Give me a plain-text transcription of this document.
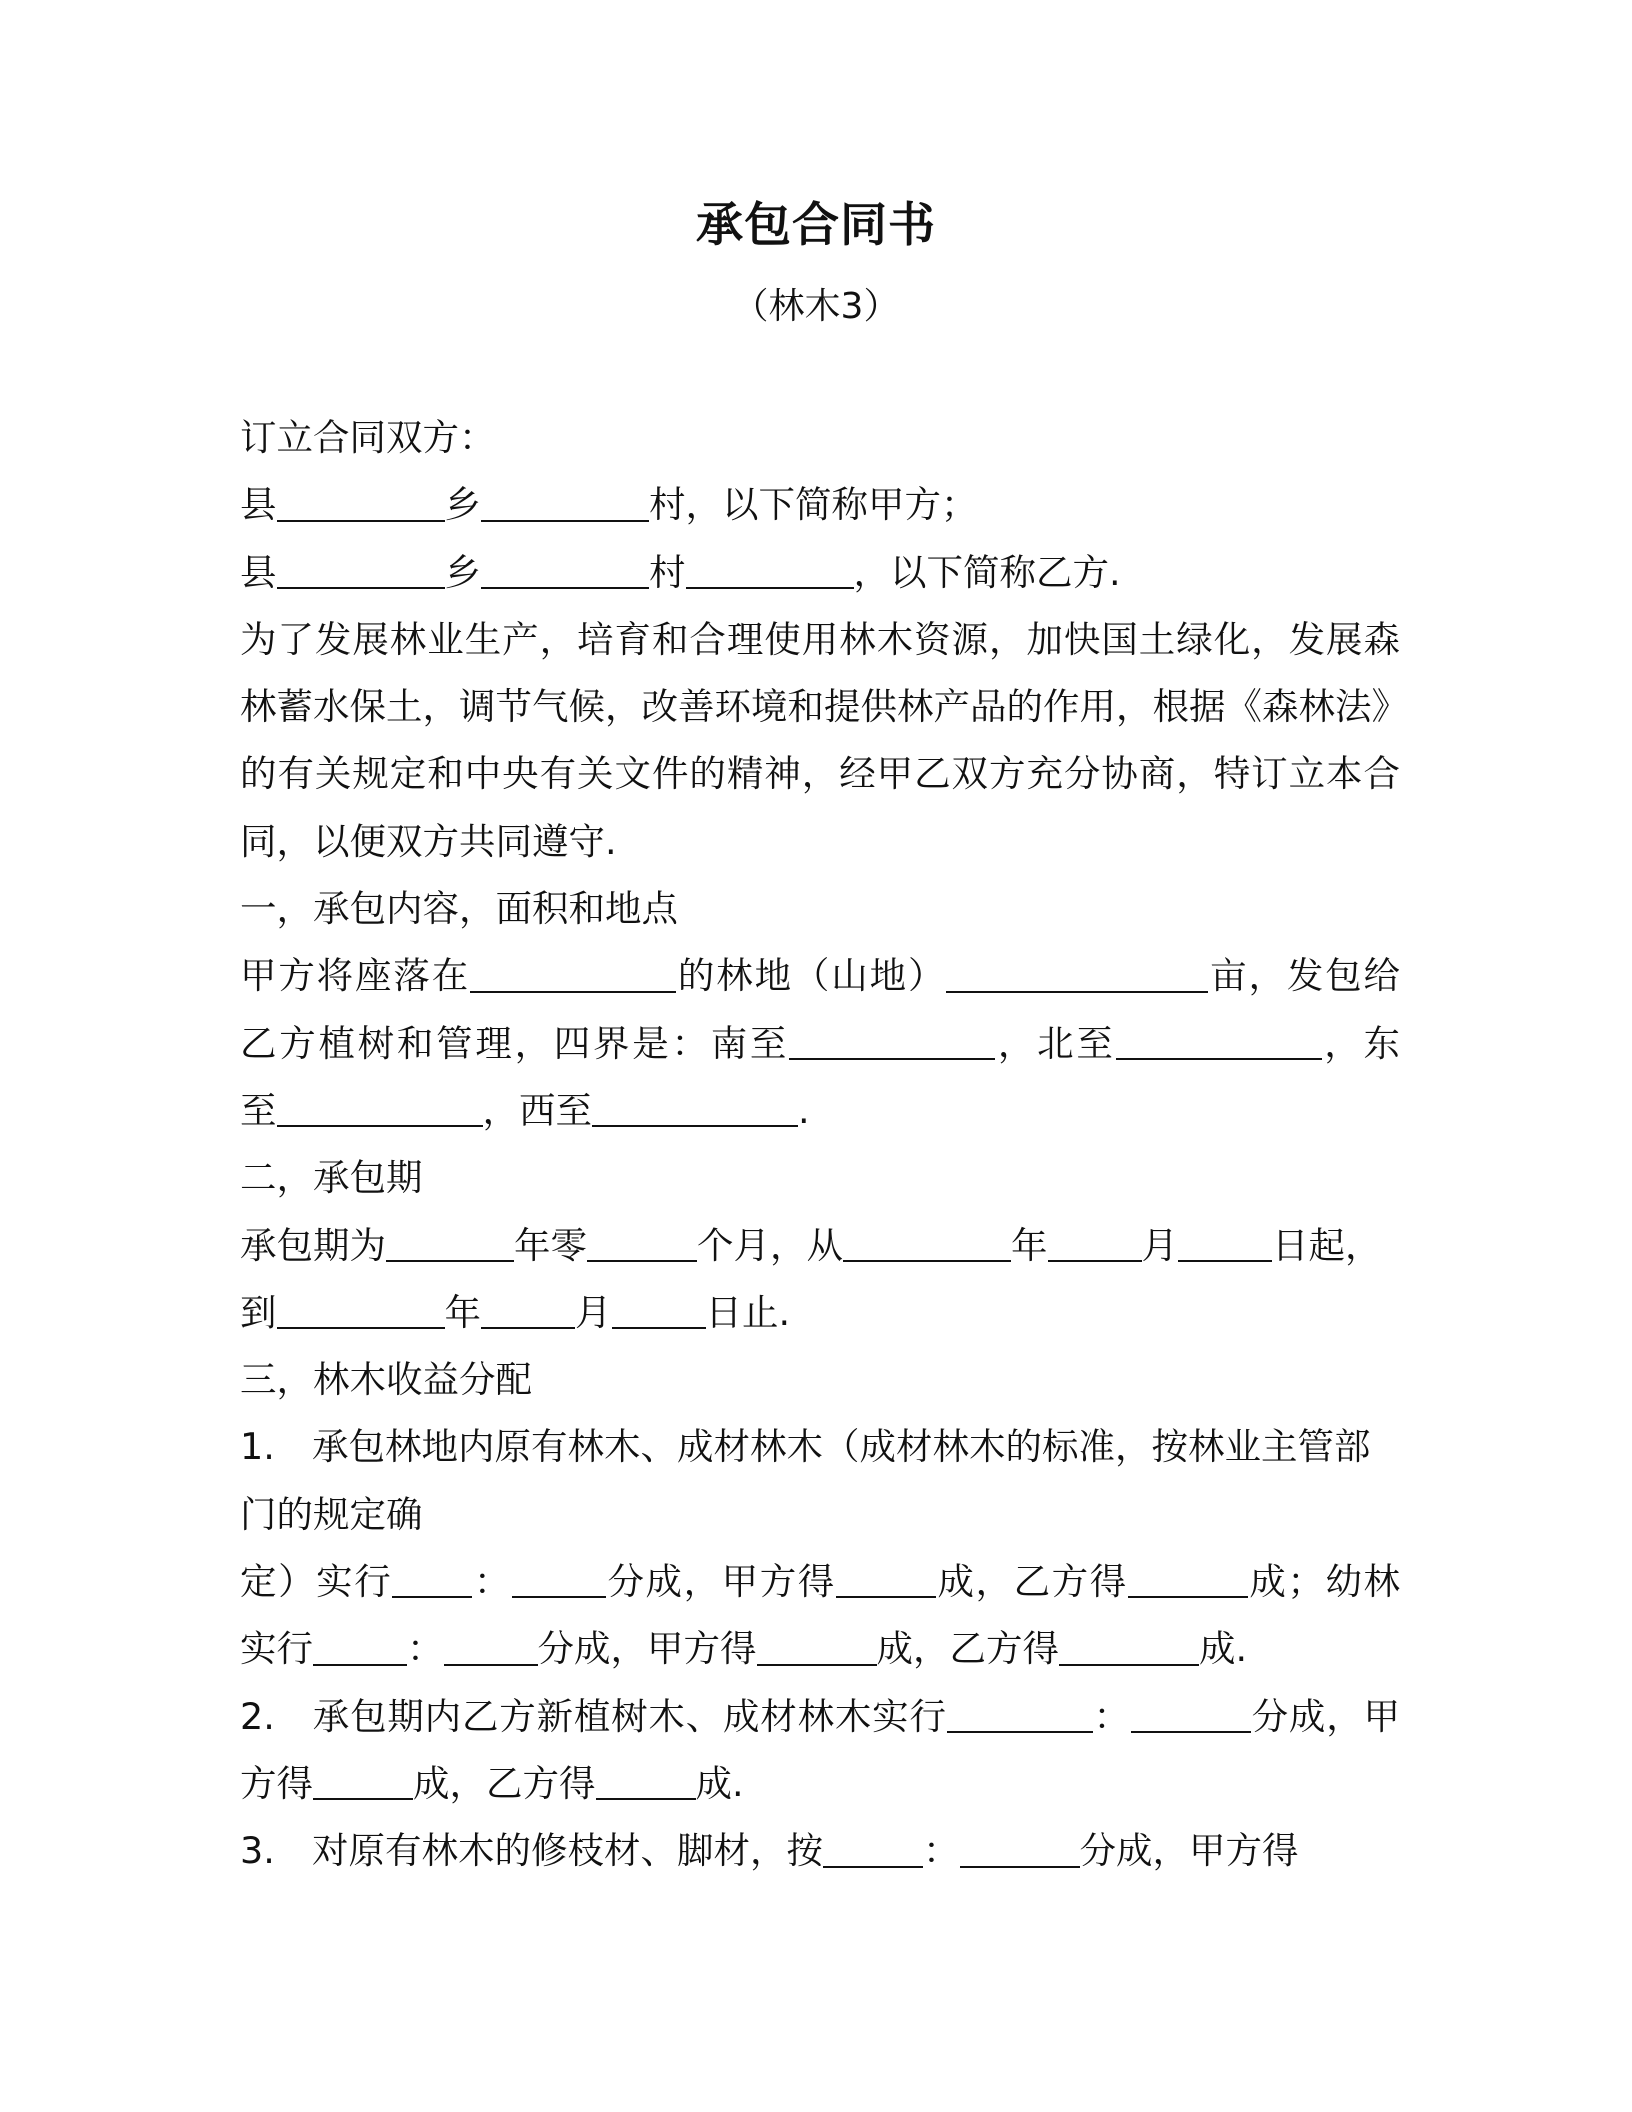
承包合同书
（林木3）
订立合同双方：
县	乡	村，以下简称甲方；
县	乡	村	，以下简称乙方.
为了发展林业生产，培育和合理使用林木资源，加快国土绿化，发展森
林蓄水保土，调节气候，改善环境和提供林产品的作用，根据《森林法》
的有关规定和中央有关文件的精神，经甲乙双方充分协商，特订立本合
同，以便双方共同遵守.
一，承包内容，面积和地点
甲方将座落在	的林地（山地）	亩，发包给
乙方植树和管理，四界是：南至	，北至	，东
至	，西至	.
二，承包期
承包期为	年零	个月，从	年	月	日起，
到	年	月	日止.
三，林木收益分配
1. 承包林地内原有林木、成材林木（成材林木的标准，按林业主管部
门的规定确
定）实行 ：	分成，甲方得	成，乙方得	成；幼林
实行	：	分成，甲方得	成，乙方得	成.
2. 承包期内乙方新植树木、成材林木实行	：	分成，甲
方得	成，乙方得	成.
3. 对原有林木的修枝材、脚材，按	：	分成，甲方得
